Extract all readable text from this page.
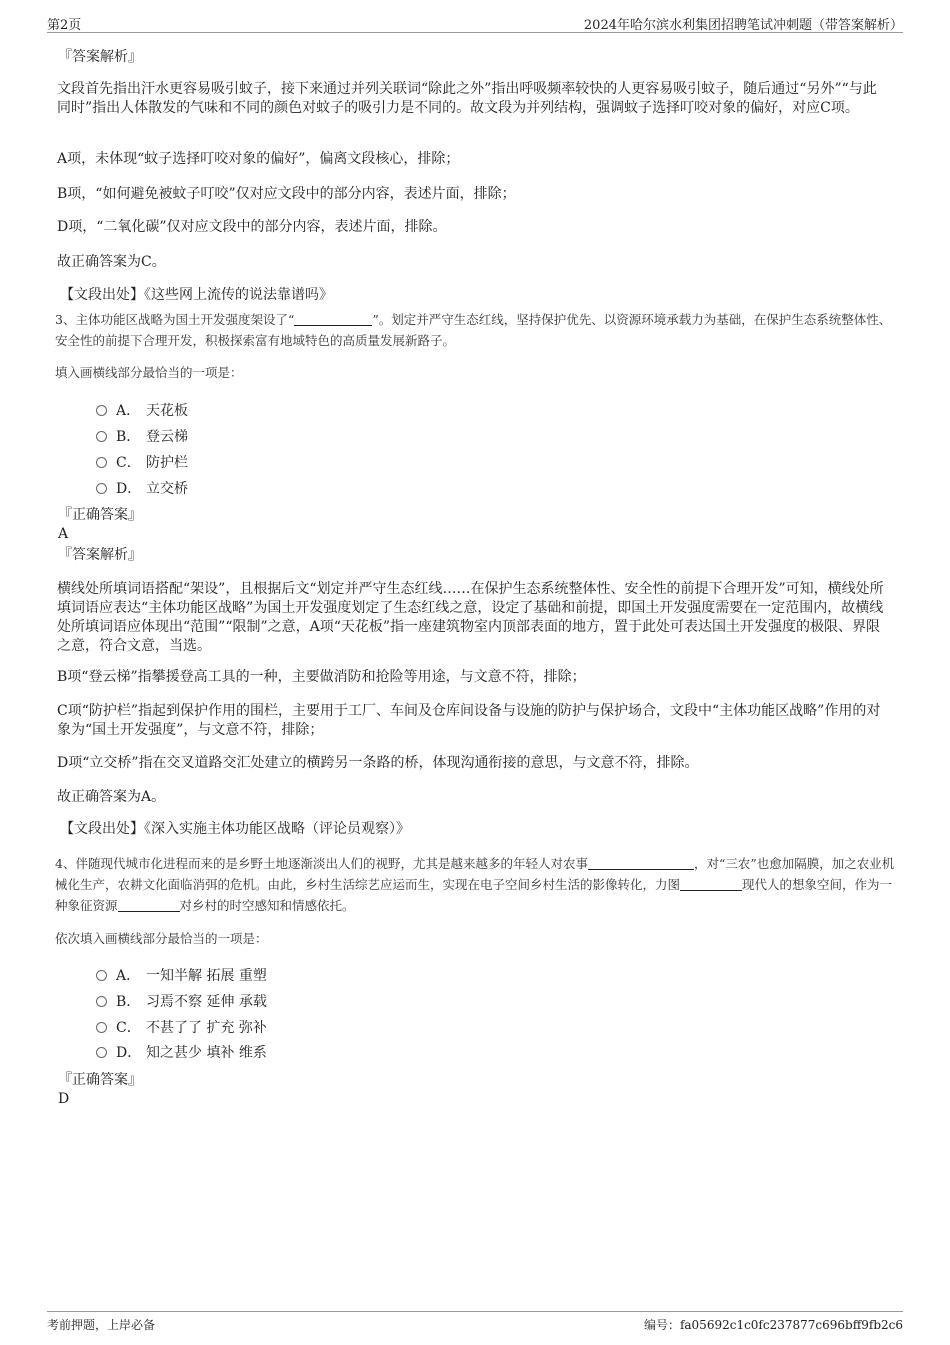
第2页	2024年哈尔滨水利集团招聘笔试冲刺题（带答案解析）
『答案解析』
文段首先指出汗水更容易吸引蚊子，接下来通过并列关联词“除此之外”指出呼吸频率较快的人更容易吸引蚊子，随后通过“另外”“与此同时”指出人体散发的气味和不同的颜色对蚊子的吸引力是不同的。故文段为并列结构，强调蚊子选择叮咬对象的偏好，对应C项。
A项，未体现“蚊子选择叮咬对象的偏好”，偏离文段核心，排除；
B项，“如何避免被蚊子叮咬”仅对应文段中的部分内容，表述片面，排除；
D项，“二氧化碳”仅对应文段中的部分内容，表述片面，排除。
故正确答案为C。
【文段出处】《这些网上流传的说法靠谱吗》
3、主体功能区战略为国土开发强度架设了“	”。划定并严守生态红线，坚持保护优先、以资源环境承载力为基础，在保护生态系统整体性、安全性的前提下合理开发，积极探索富有地域特色的高质量发展新路子。
填入画横线部分最恰当的一项是：
A． 天花板
B． 登云梯
C． 防护栏
D． 立交桥
『正确答案』
A
『答案解析』
横线处所填词语搭配“架设”，且根据后文“划定并严守生态红线……在保护生态系统整体性、安全性的前提下合理开发”可知，横线处所填词语应表达“主体功能区战略”为国土开发强度划定了生态红线之意，设定了基础和前提，即国土开发强度需要在一定范围内，故横线处所填词语应体现出“范围”“限制”之意，A项“天花板”指一座建筑物室内顶部表面的地方，置于此处可表达国土开发强度的极限、界限之意，符合文意，当选。
B项“登云梯”指攀援登高工具的一种，主要做消防和抢险等用途，与文意不符，排除；
C项“防护栏”指起到保护作用的围栏，主要用于工厂、车间及仓库间设备与设施的防护与保护场合，文段中“主体功能区战略”作用的对象为“国土开发强度”，与文意不符，排除；
D项“立交桥”指在交叉道路交汇处建立的横跨另一条路的桥，体现沟通衔接的意思，与文意不符，排除。
故正确答案为A。
【文段出处】《深入实施主体功能区战略（评论员观察）》
4、伴随现代城市化进程而来的是乡野土地逐渐淡出人们的视野，尤其是越来越多的年轻人对农事	，对“三农”也愈加隔膜，加之农业机械化生产，农耕文化面临消弭的危机。由此，乡村生活综艺应运而生，实现在电子空间乡村生活的影像转化，力图	现代人的想象空间，作为一种象征资源	对乡村的时空感知和情感依托。
依次填入画横线部分最恰当的一项是：
A． 一知半解 拓展 重塑
B． 习焉不察 延伸 承载
C． 不甚了了 扩充 弥补
D． 知之甚少 填补 维系
『正确答案』
D
考前押题，上岸必备	编号：fa05692c1c0fc237877c696bff9fb2c6
